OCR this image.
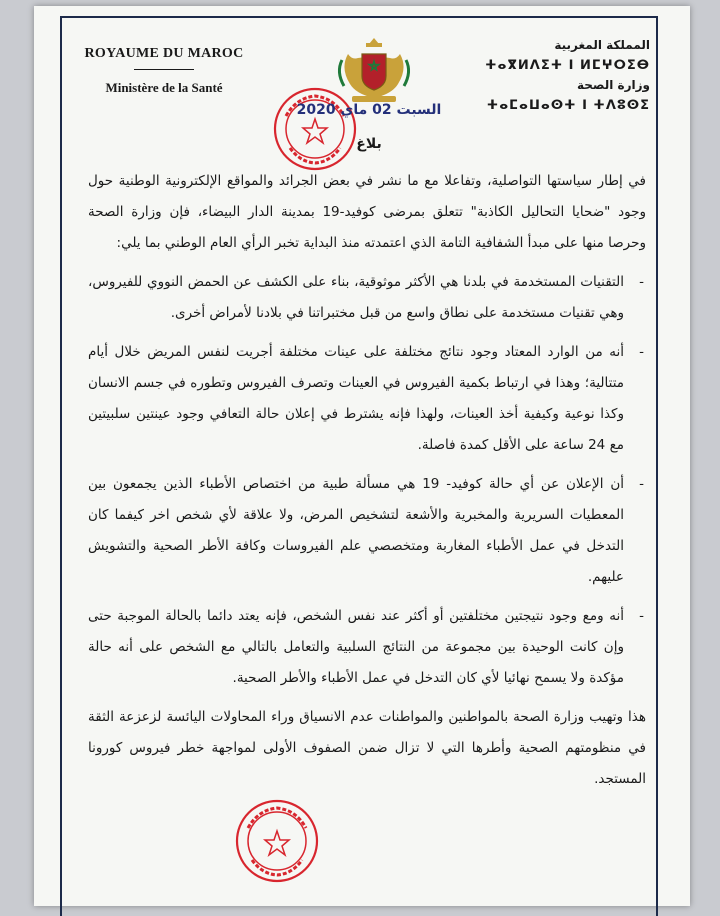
ROYAUME DU MAROC
Ministère de la Santé
المملكة المغربية
ⵜⴰⴳⵍⴷⵉⵜ ⵏ ⵍⵎⵖⵔⵉⴱ
وزارة الصحة
ⵜⴰⵎⴰⵡⴰⵙⵜ ⵏ ⵜⴷⵓⵙⵉ
السبت 02 ماي 2020
بلاغ

في إطار سياستها التواصلية، وتفاعلا مع ما نشر في بعض الجرائد والمواقع الإلكترونية الوطنية حول وجود "ضحايا التحاليل الكاذبة" تتعلق بمرضى كوفيد-19 بمدينة الدار البيضاء، فإن وزارة الصحة وحرصا منها على مبدأ الشفافية التامة الذي اعتمدته منذ البداية تخبر الرأي العام الوطني بما يلي:

- التقنيات المستخدمة في بلدنا هي الأكثر موثوقية، بناء على الكشف عن الحمض النووي للفيروس، وهي تقنيات مستخدمة على نطاق واسع من قبل مختبراتنا في بلادنا لأمراض أخرى.

- أنه من الوارد المعتاد وجود نتائج مختلفة على عينات مختلفة أجريت لنفس المريض خلال أيام متتالية؛ وهذا في ارتباط بكمية الفيروس في العينات وتصرف الفيروس وتطوره في جسم الانسان وكذا نوعية وكيفية أخذ العينات، ولهذا فإنه يشترط في إعلان حالة التعافي وجود عينتين سلبيتين مع 24 ساعة على الأقل كمدة فاصلة.

- أن الإعلان عن أي حالة كوفيد- 19 هي مسألة طبية من اختصاص الأطباء الذين يجمعون بين المعطيات السريرية والمخبرية والأشعة لتشخيص المرض، ولا علاقة لأي شخص اخر كيفما كان التدخل في عمل الأطباء المغاربة ومتخصصي علم الفيروسات وكافة الأطر الصحية والتشويش عليهم.

- أنه ومع وجود نتيجتين مختلفتين أو أكثر عند نفس الشخص، فإنه يعتد دائما بالحالة الموجبة حتى وإن كانت الوحيدة بين مجموعة من النتائج السلبية والتعامل بالتالي مع الشخص على أنه حالة مؤكدة ولا يسمح نهائيا لأي كان التدخل في عمل الأطباء والأطر الصحية.

هذا وتهيب وزارة الصحة بالمواطنين والمواطنات عدم الانسياق وراء المحاولات اليائسة لزعزعة الثقة في منظومتهم الصحية وأطرها التي لا تزال ضمن الصفوف الأولى لمواجهة خطر فيروس كورونا المستجد.
